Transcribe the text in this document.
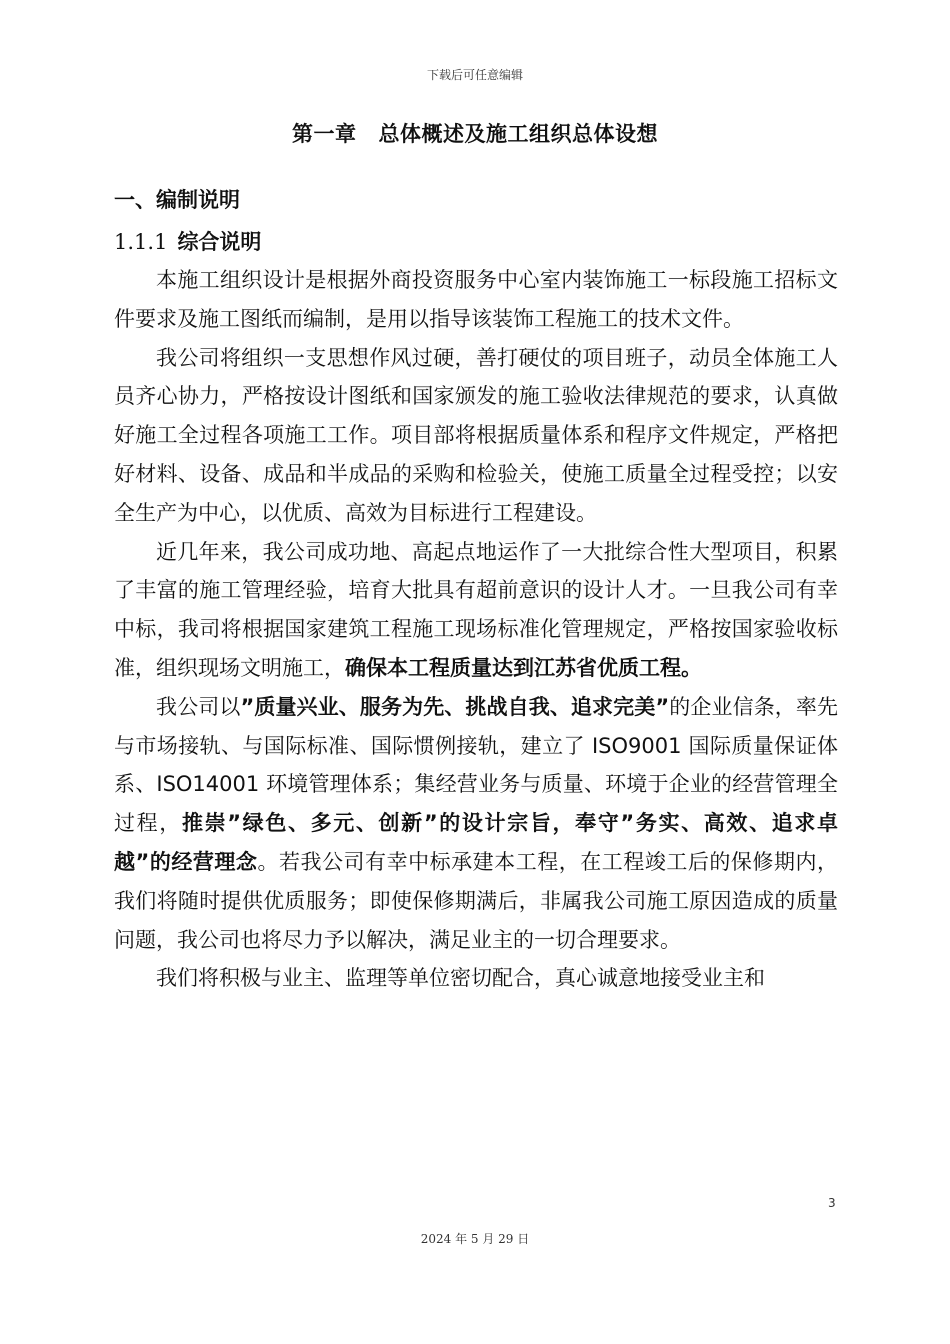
下载后可任意编辑
第一章 总体概述及施工组织总体设想
一、编制说明
1.1.1 综合说明

本施工组织设计是根据外商投资服务中心室内装饰施工一标段施工招标文件要求及施工图纸而编制，是用以指导该装饰工程施工的技术文件。

我公司将组织一支思想作风过硬，善打硬仗的项目班子，动员全体施工人员齐心协力，严格按设计图纸和国家颁发的施工验收法律规范的要求，认真做好施工全过程各项施工工作。项目部将根据质量体系和程序文件规定，严格把好材料、设备、成品和半成品的采购和检验关，使施工质量全过程受控；以安全生产为中心，以优质、高效为目标进行工程建设。

近几年来，我公司成功地、高起点地运作了一大批综合性大型项目，积累了丰富的施工管理经验，培育大批具有超前意识的设计人才。一旦我公司有幸中标，我司将根据国家建筑工程施工现场标准化管理规定，严格按国家验收标准，组织现场文明施工，确保本工程质量达到江苏省优质工程。

我公司以”质量兴业、服务为先、挑战自我、追求完美”的企业信条，率先与市场接轨、与国际标准、国际惯例接轨，建立了 ISO9001 国际质量保证体系、ISO14001 环境管理体系；集经营业务与质量、环境于企业的经营管理全过程，推崇”绿色、多元、创新”的设计宗旨，奉守”务实、高效、追求卓越”的经营理念。若我公司有幸中标承建本工程，在工程竣工后的保修期内，我们将随时提供优质服务；即使保修期满后，非属我公司施工原因造成的质量问题，我公司也将尽力予以解决，满足业主的一切合理要求。

我们将积极与业主、监理等单位密切配合，真心诚意地接受业主和

3
2024 年 5 月 29 日
